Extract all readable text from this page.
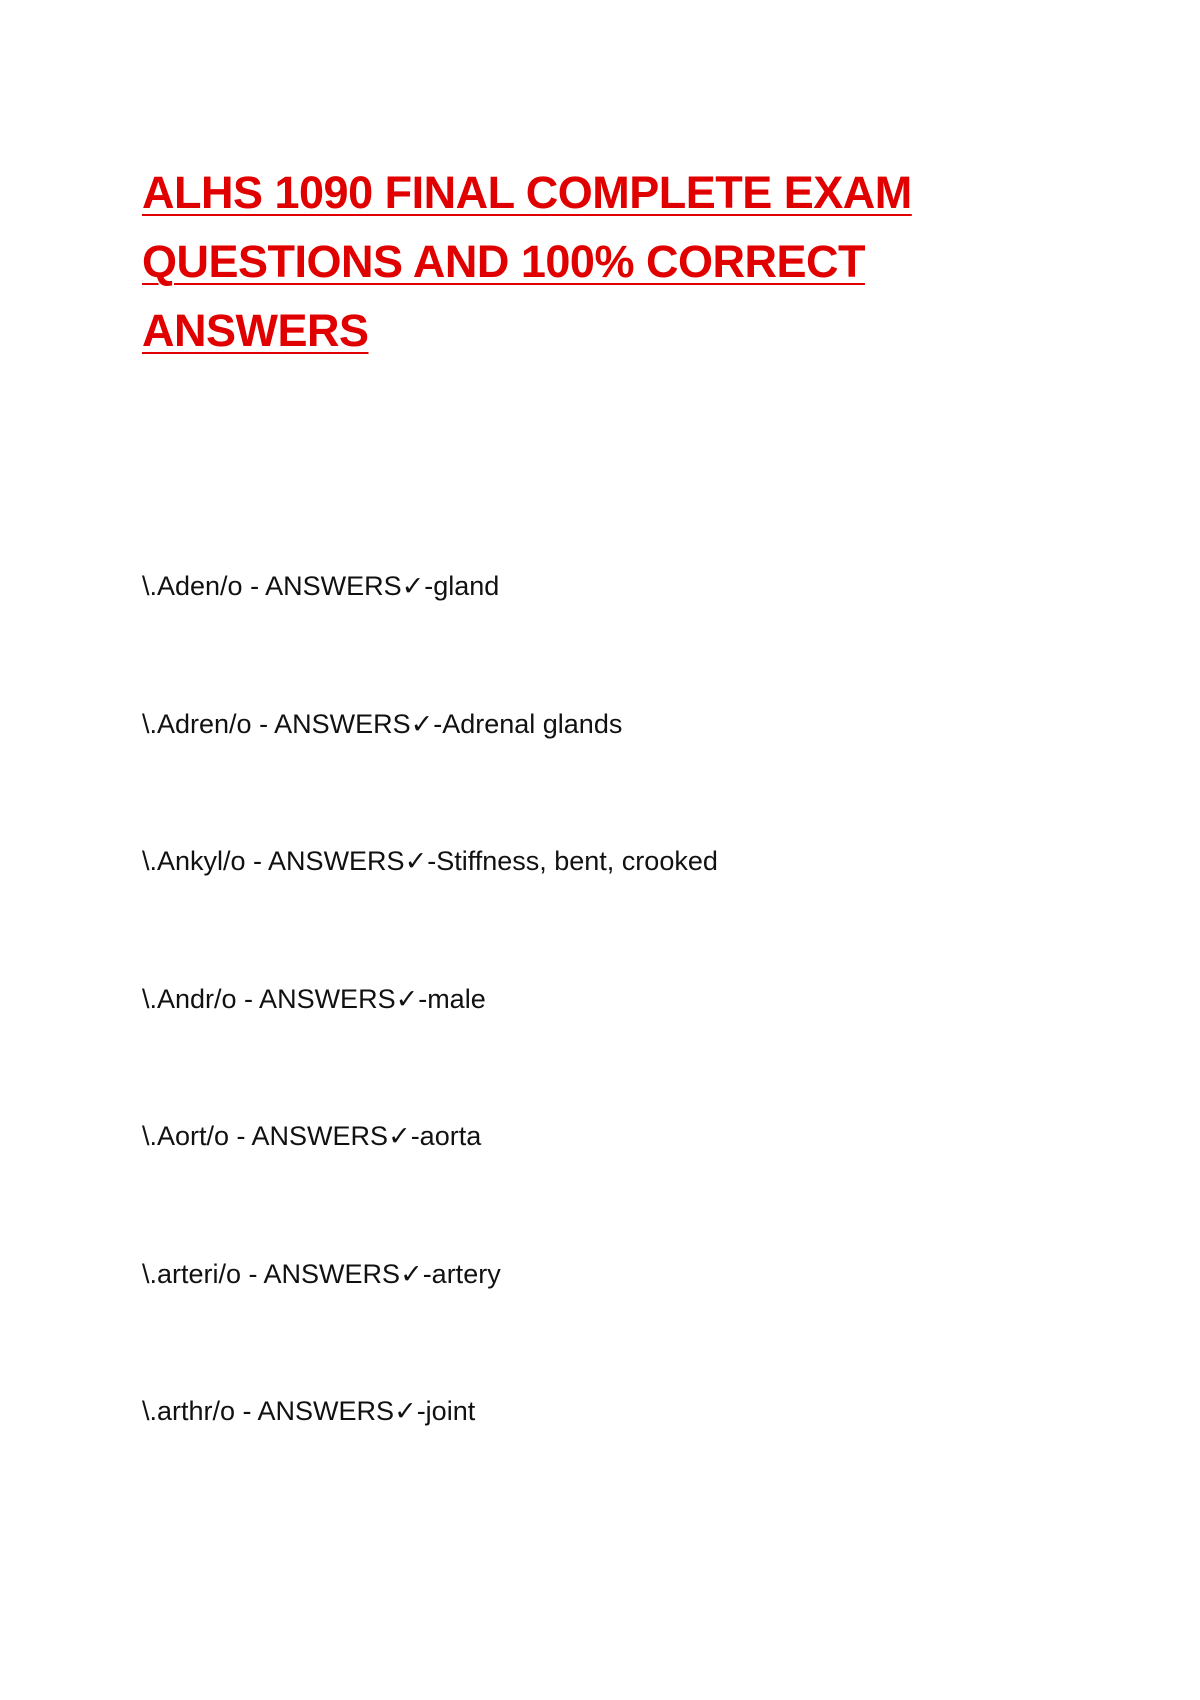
ALHS 1090 FINAL COMPLETE EXAM QUESTIONS AND 100% CORRECT ANSWERS
\.Aden/o - ANSWERS✓-gland
\.Adren/o - ANSWERS✓-Adrenal glands
\.Ankyl/o - ANSWERS✓-Stiffness, bent, crooked
\.Andr/o - ANSWERS✓-male
\.Aort/o - ANSWERS✓-aorta
\.arteri/o - ANSWERS✓-artery
\.arthr/o - ANSWERS✓-joint
